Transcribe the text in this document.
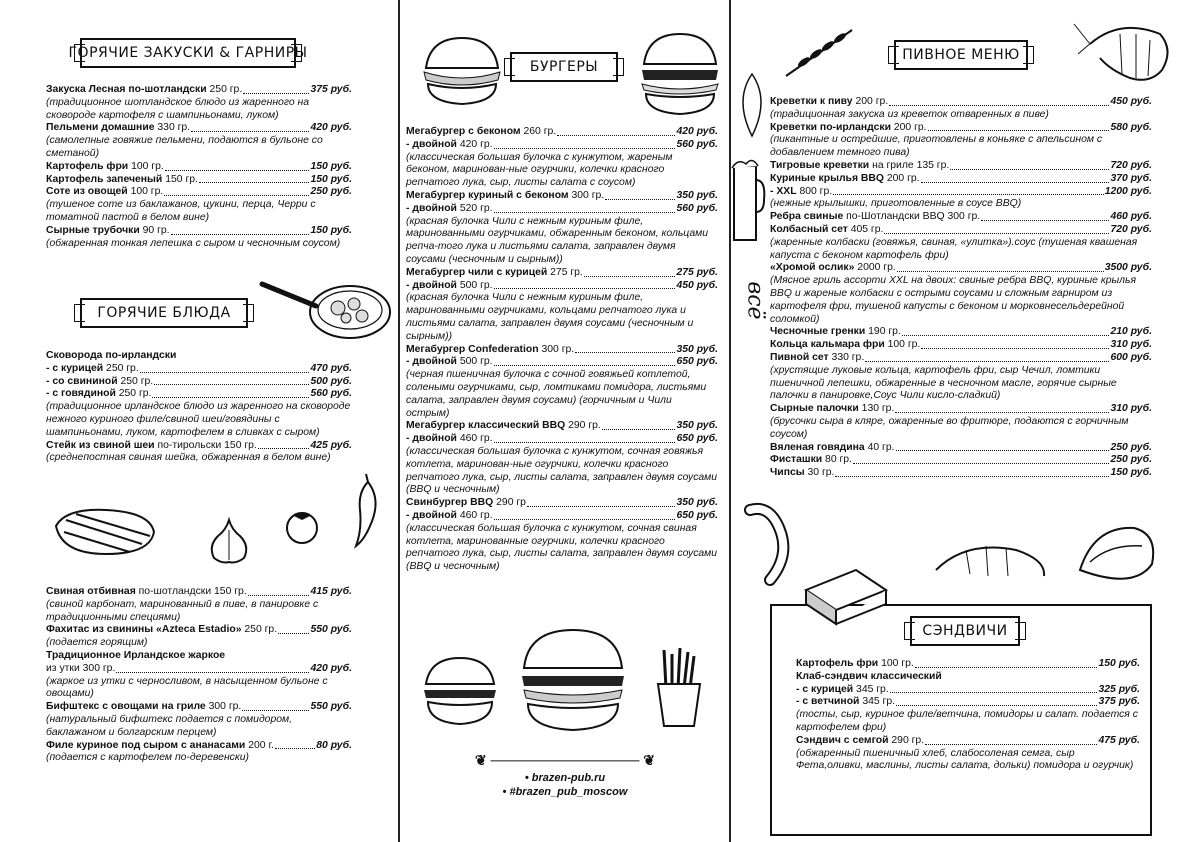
ГОРЯЧИЕ ЗАКУСКИ & ГАРНИРЫ
Закуска Лесная по-шотландски 250 гр.	375 руб.
(традиционное шотландское блюдо из жаренного на сковороде картофеля с шампиньонами, луком)
Пельмени домашние 330 гр.	420 руб.
(самолепные говяжие пельмени, подаются в бульоне со сметаной)
Картофель фри 100 гр.	150 руб.
Картофель запеченый 150 гр.	150 руб.
Соте из овощей 100 гр.	250 руб.
(тушеное соте из баклажанов, цукини, перца, Черри с томатной пастой в белом вине)
Сырные трубочки 90 гр.	150 руб.
(обжаренная тонкая лепешка с сыром и чесночным соусом)
ГОРЯЧИЕ БЛЮДА
Сковорода по-ирландски
- с курицей 250 гр.	470 руб.
- со свининой 250 гр.	500 руб.
- с говядиной 250 гр.	560 руб.
(традиционное ирландское блюдо из жаренного на сковороде нежного куриного филе/свиной шеи/говядины с шампиньонами, луком, картофелем в сливках с сыром)
Стейк из свиной шеи по-тирольски 150 гр.	425 руб.
(среднепостная свиная шейка, обжаренная в белом вине)
Свиная отбивная по-шотландски 150 гр.	415 руб.
(свиной карбонат, маринованный в пиве, в панировке с традиционными специями)
Фахитас из свинины «Azteca Estadio» 250 гр.	550 руб.
(подается горящим)
Традиционное Ирландское жаркое
из утки 300 гр.	420 руб.
(жаркое из утки с черносливом, в насыщенном бульоне с овощами)
Бифштекс с овощами на гриле 300 гр.	550 руб.
(натуральный бифштекс подается с помидором, баклажаном и болгарским перцем)
Филе куриное под сыром с ананасами 200 г.	80 руб.
(подается с картофелем по-деревенски)
БУРГЕРЫ
Мегабургер с беконом 260 гр.	420 руб.
- двойной 420 гр.	560 руб.
(классическая большая булочка с кунжутом, жареным беконом, маринован-ные огурчики, колечки красного репчатого лука, сыр, листы салата с соусом)
Мегабургер куриный с беконом 300 гр.	350 руб.
- двойной 520 гр.	560 руб.
(красная булочка Чили с нежным куриным филе, маринованными огурчиками, обжаренным беконом, кольцами репча-того лука и листьями салата, заправлен двумя соусами (чесночным и сырным))
Мегабургер чили с курицей 275 гр.	275 руб.
- двойной 500 гр.	450 руб.
(красная булочка Чили с нежным куриным филе, маринованными огурчиками, кольцами репчатого лука и листьями салата, заправлен двумя соусами (чесночным и сырным))
Мегабургер Confederation 300 гр.	350 руб.
- двойной 500 гр.	650 руб.
(черная пшеничная булочка с сочной говяжьей котлетой, солеными огурчиками, сыр, ломтиками помидора, листьями салата, заправлен двумя соусами) (горчичным и Чили острым)
Мегабургер классический BBQ 290 гр.	350 руб.
- двойной 460 гр.	650 руб.
(классическая большая булочка с кунжутом, сочная говяжья котлета, маринован-ные огурчики, колечки красного репчатого лука, сыр, листы салата, заправлен двумя соусами (BBQ и чесночным)
Свинбургер BBQ 290 гр	350 руб.
- двойной 460 гр.	650 руб.
(классическая большая булочка с кунжутом, сочная свиная котлета, маринованные огурчики, колечки красного репчатого лука, сыр, листы салата, заправлен двумя соусами (BBQ и чесночным)
❦ ─────────────── ❦
• brazen-pub.ru
• #brazen_pub_moscow
ПИВНОЕ МЕНЮ
всё
Креветки к пиву 200 гр.	450 руб.
(традиционная закуска из креветок отваренных в пиве)
Креветки по-ирландски 200 гр.	580 руб.
(пикантные и острейшие, приготовлены в коньяке с апельсином с добавлением темного пива)
Тигровые креветки на гриле 135 гр.	720 руб.
Куриные крылья BBQ 200 гр.	370 руб.
- XXL 800 гр.	1200 руб.
(нежные крылышки, приготовленные в соусе BBQ)
Ребра свиные по-Шотландски BBQ 300 гр.	460 руб.
Колбасный сет 405 гр.	720 руб.
(жаренные колбаски (говяжья, свиная, «улитка»).соус (тушеная квашеная капуста с беконом картофель фри)
«Хромой ослик» 2000 гр.	3500 руб.
(Мясное гриль ассорти XXL на двоих: свиные ребра BBQ, куриные крылья BBQ и жареные колбаски с острыми соусами и сложным гарниром из картофеля фри, тушеной капусты с беконом и морковнесельдерейной соломкой)
Чесночные гренки 190 гр.	210 руб.
Кольца кальмара фри 100 гр.	310 руб.
Пивной сет 330 гр.	600 руб.
(хрустящие луковые кольца, картофель фри, сыр Чечил, ломтики пшеничной лепешки, обжаренные в чесночном масле, горячие сырные палочки в панировке,Соус Чили кисло-сладкий)
Сырные палочки 130 гр.	310 руб.
(брусочки сыра в кляре, ожаренные во фритюре, подаются с горчичным соусом)
Вяленая говядина 40 гр.	250 руб.
Фисташки 80 гр.	250 руб.
Чипсы 30 гр.	150 руб.
СЭНДВИЧИ
Картофель фри 100 гр.	150 руб.
Клаб-сэндвич классический
- с курицей 345 гр.	325 руб.
- с ветчиной 345 гр.	375 руб.
(тосты, сыр, куриное филе/ветчина, помидоры и салат. подается с картофелем фри)
Сэндвич с семгой 290 гр.	475 руб.
(обжаренный пшеничный хлеб, слабосоленая семга, сыр Фета,оливки, маслины, листы салата, дольки) помидора и огурчик)
